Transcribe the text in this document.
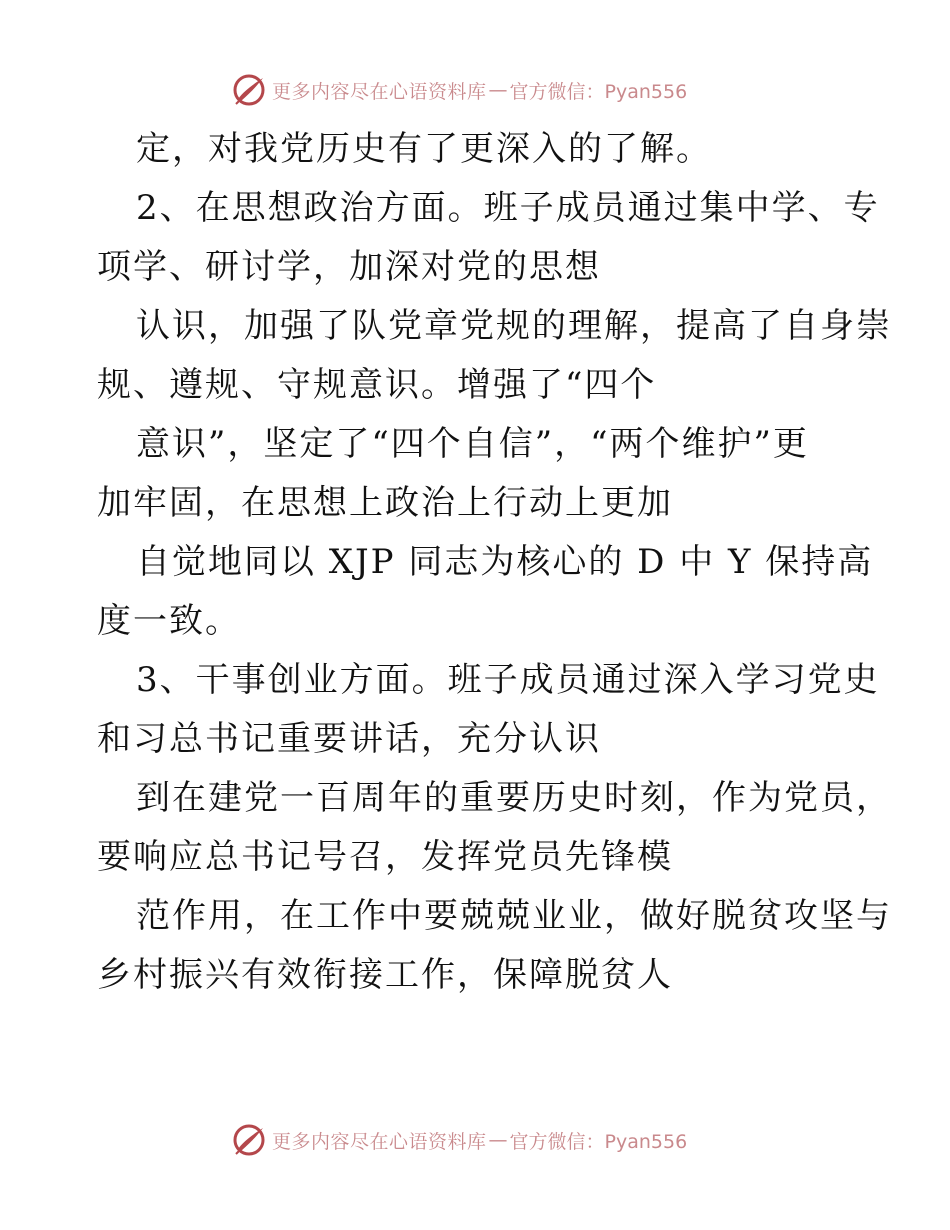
更多内容尽在心语资料库 — 官方微信：Pyan556
定，对我党历史有了更深入的了解。
2、在思想政治方面。班子成员通过集中学、专
项学、研讨学，加深对党的思想
认识，加强了队党章党规的理解，提高了自身崇
规、遵规、守规意识。增强了“四个
意识”，坚定了“四个自信”，“两个维护”更
加牢固，在思想上政治上行动上更加
自觉地同以 XJP 同志为核心的 D 中 Y 保持高
度一致。
3、干事创业方面。班子成员通过深入学习党史
和习总书记重要讲话，充分认识
到在建党一百周年的重要历史时刻，作为党员，
要响应总书记号召，发挥党员先锋模
范作用，在工作中要兢兢业业，做好脱贫攻坚与
乡村振兴有效衔接工作，保障脱贫人
更多内容尽在心语资料库 — 官方微信：Pyan556
